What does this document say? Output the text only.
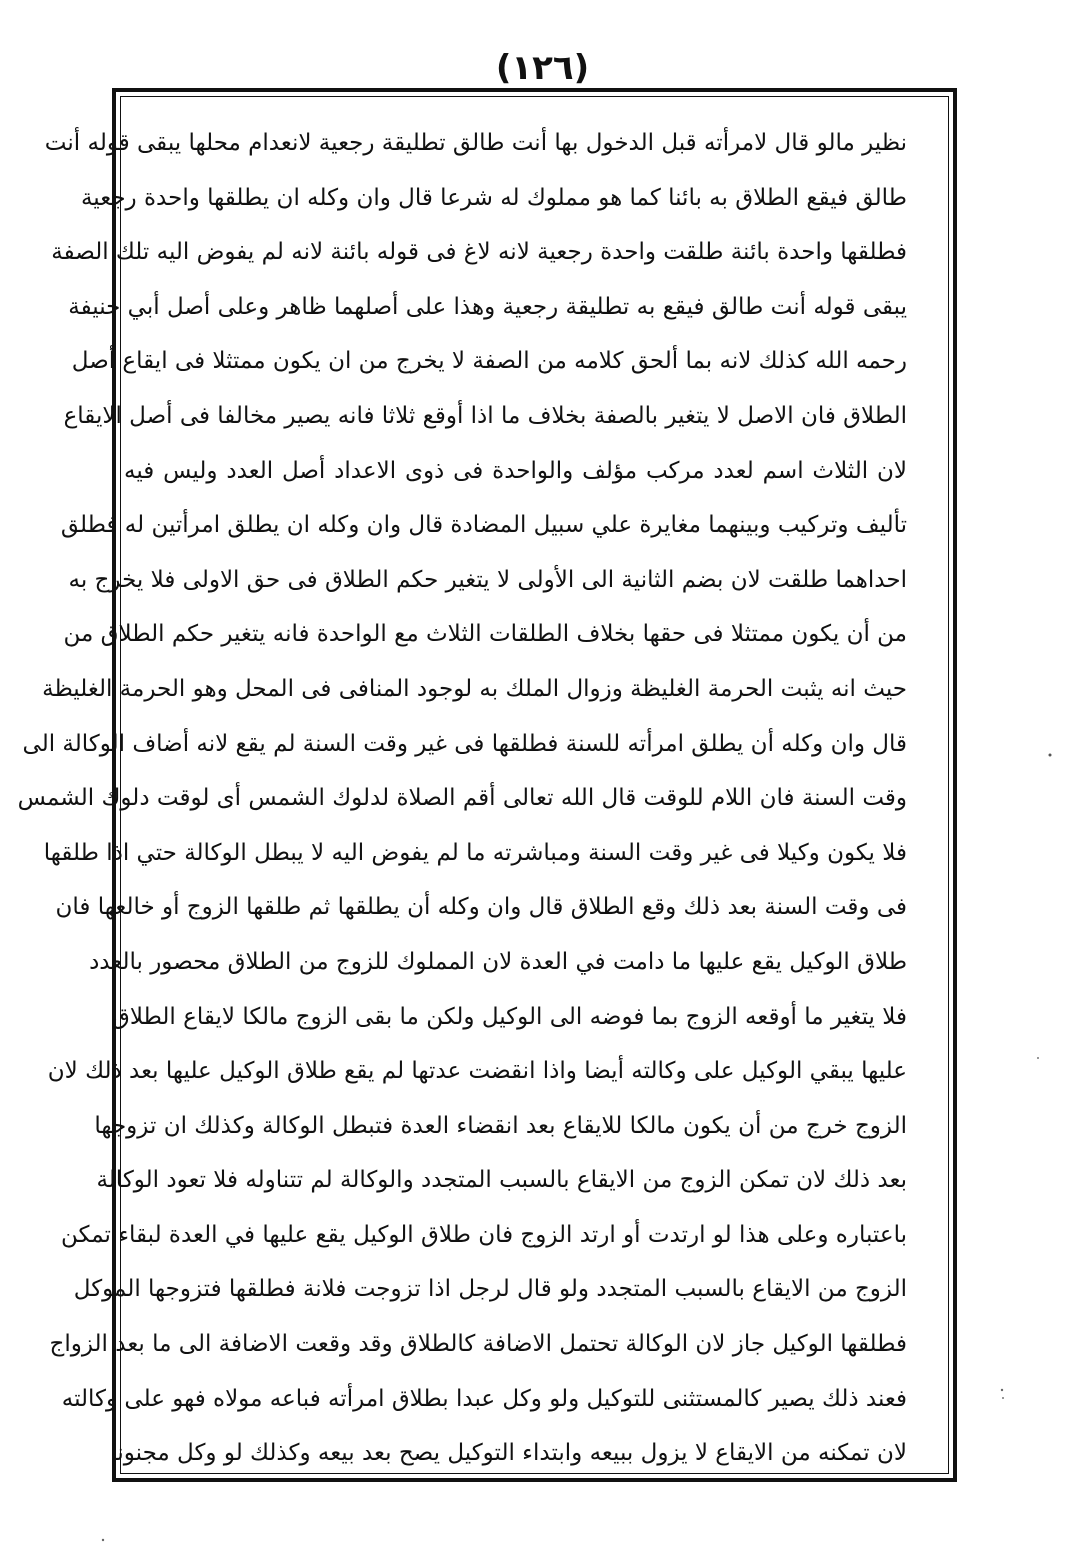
(١٢٦)
نظير مالو قال لامرأته قبل الدخول بها أنت طالق تطليقة رجعية لانعدام محلها يبقى قوله أنت
طالق فيقع الطلاق به بائنا كما هو مملوك له شرعا قال وان وكله ان يطلقها واحدة رجعية
فطلقها واحدة بائنة طلقت واحدة رجعية لانه لاغ فى قوله بائنة لانه لم يفوض اليه تلك الصفة
يبقى قوله أنت طالق فيقع به تطليقة رجعية وهذا على أصلهما ظاهر وعلى أصل أبي حنيفة
رحمه الله كذلك لانه بما ألحق كلامه من الصفة لا يخرج من ان يكون ممتثلا فى ايقاع أصل
الطلاق فان الاصل لا يتغير بالصفة بخلاف ما اذا أوقع ثلاثا فانه يصير مخالفا فى أصل الايقاع
لان الثلاث اسم لعدد مركب مؤلف والواحدة فى ذوى الاعداد أصل العدد وليس فيه
تأليف وتركيب وبينهما مغايرة علي سبيل المضادة قال وان وكله ان يطلق امرأتين له فطلق
احداهما طلقت لان بضم الثانية الى الأولى لا يتغير حكم الطلاق فى حق الاولى فلا يخرج به
من أن يكون ممتثلا فى حقها بخلاف الطلقات الثلاث مع الواحدة فانه يتغير حكم الطلاق من
حيث انه يثبت الحرمة الغليظة وزوال الملك به لوجود المنافى فى المحل وهو الحرمة الغليظة
قال وان وكله أن يطلق امرأته للسنة فطلقها فى غير وقت السنة لم يقع لانه أضاف الوكالة الى
وقت السنة فان اللام للوقت قال الله تعالى أقم الصلاة لدلوك الشمس أى لوقت دلوك الشمس
فلا يكون وكيلا فى غير وقت السنة ومباشرته ما لم يفوض اليه لا يبطل الوكالة حتي اذا طلقها
فى وقت السنة بعد ذلك وقع الطلاق قال وان وكله أن يطلقها ثم طلقها الزوج أو خالعها فان
طلاق الوكيل يقع عليها ما دامت في العدة لان المملوك للزوج من الطلاق محصور بالعدد
فلا يتغير ما أوقعه الزوج بما فوضه الى الوكيل ولكن ما بقى الزوج مالكا لايقاع الطلاق
عليها يبقي الوكيل على وكالته أيضا واذا انقضت عدتها لم يقع طلاق الوكيل عليها بعد ذلك لان
الزوج خرج من أن يكون مالكا للايقاع بعد انقضاء العدة فتبطل الوكالة وكذلك ان تزوجها
بعد ذلك لان تمكن الزوج من الايقاع بالسبب المتجدد والوكالة لم تتناوله فلا تعود الوكالة
باعتباره وعلى هذا لو ارتدت أو ارتد الزوج فان طلاق الوكيل يقع عليها في العدة لبقاء تمكن
الزوج من الايقاع بالسبب المتجدد ولو قال لرجل اذا تزوجت فلانة فطلقها فتزوجها الموكل
فطلقها الوكيل جاز لان الوكالة تحتمل الاضافة كالطلاق وقد وقعت الاضافة الى ما بعد الزواج
فعند ذلك يصير كالمستثنى للتوكيل ولو وكل عبدا بطلاق امرأته فباعه مولاه فهو على وكالته
لان تمكنه من الايقاع لا يزول ببيعه وابتداء التوكيل يصح بعد بيعه وكذلك لو وكل مجنونا
